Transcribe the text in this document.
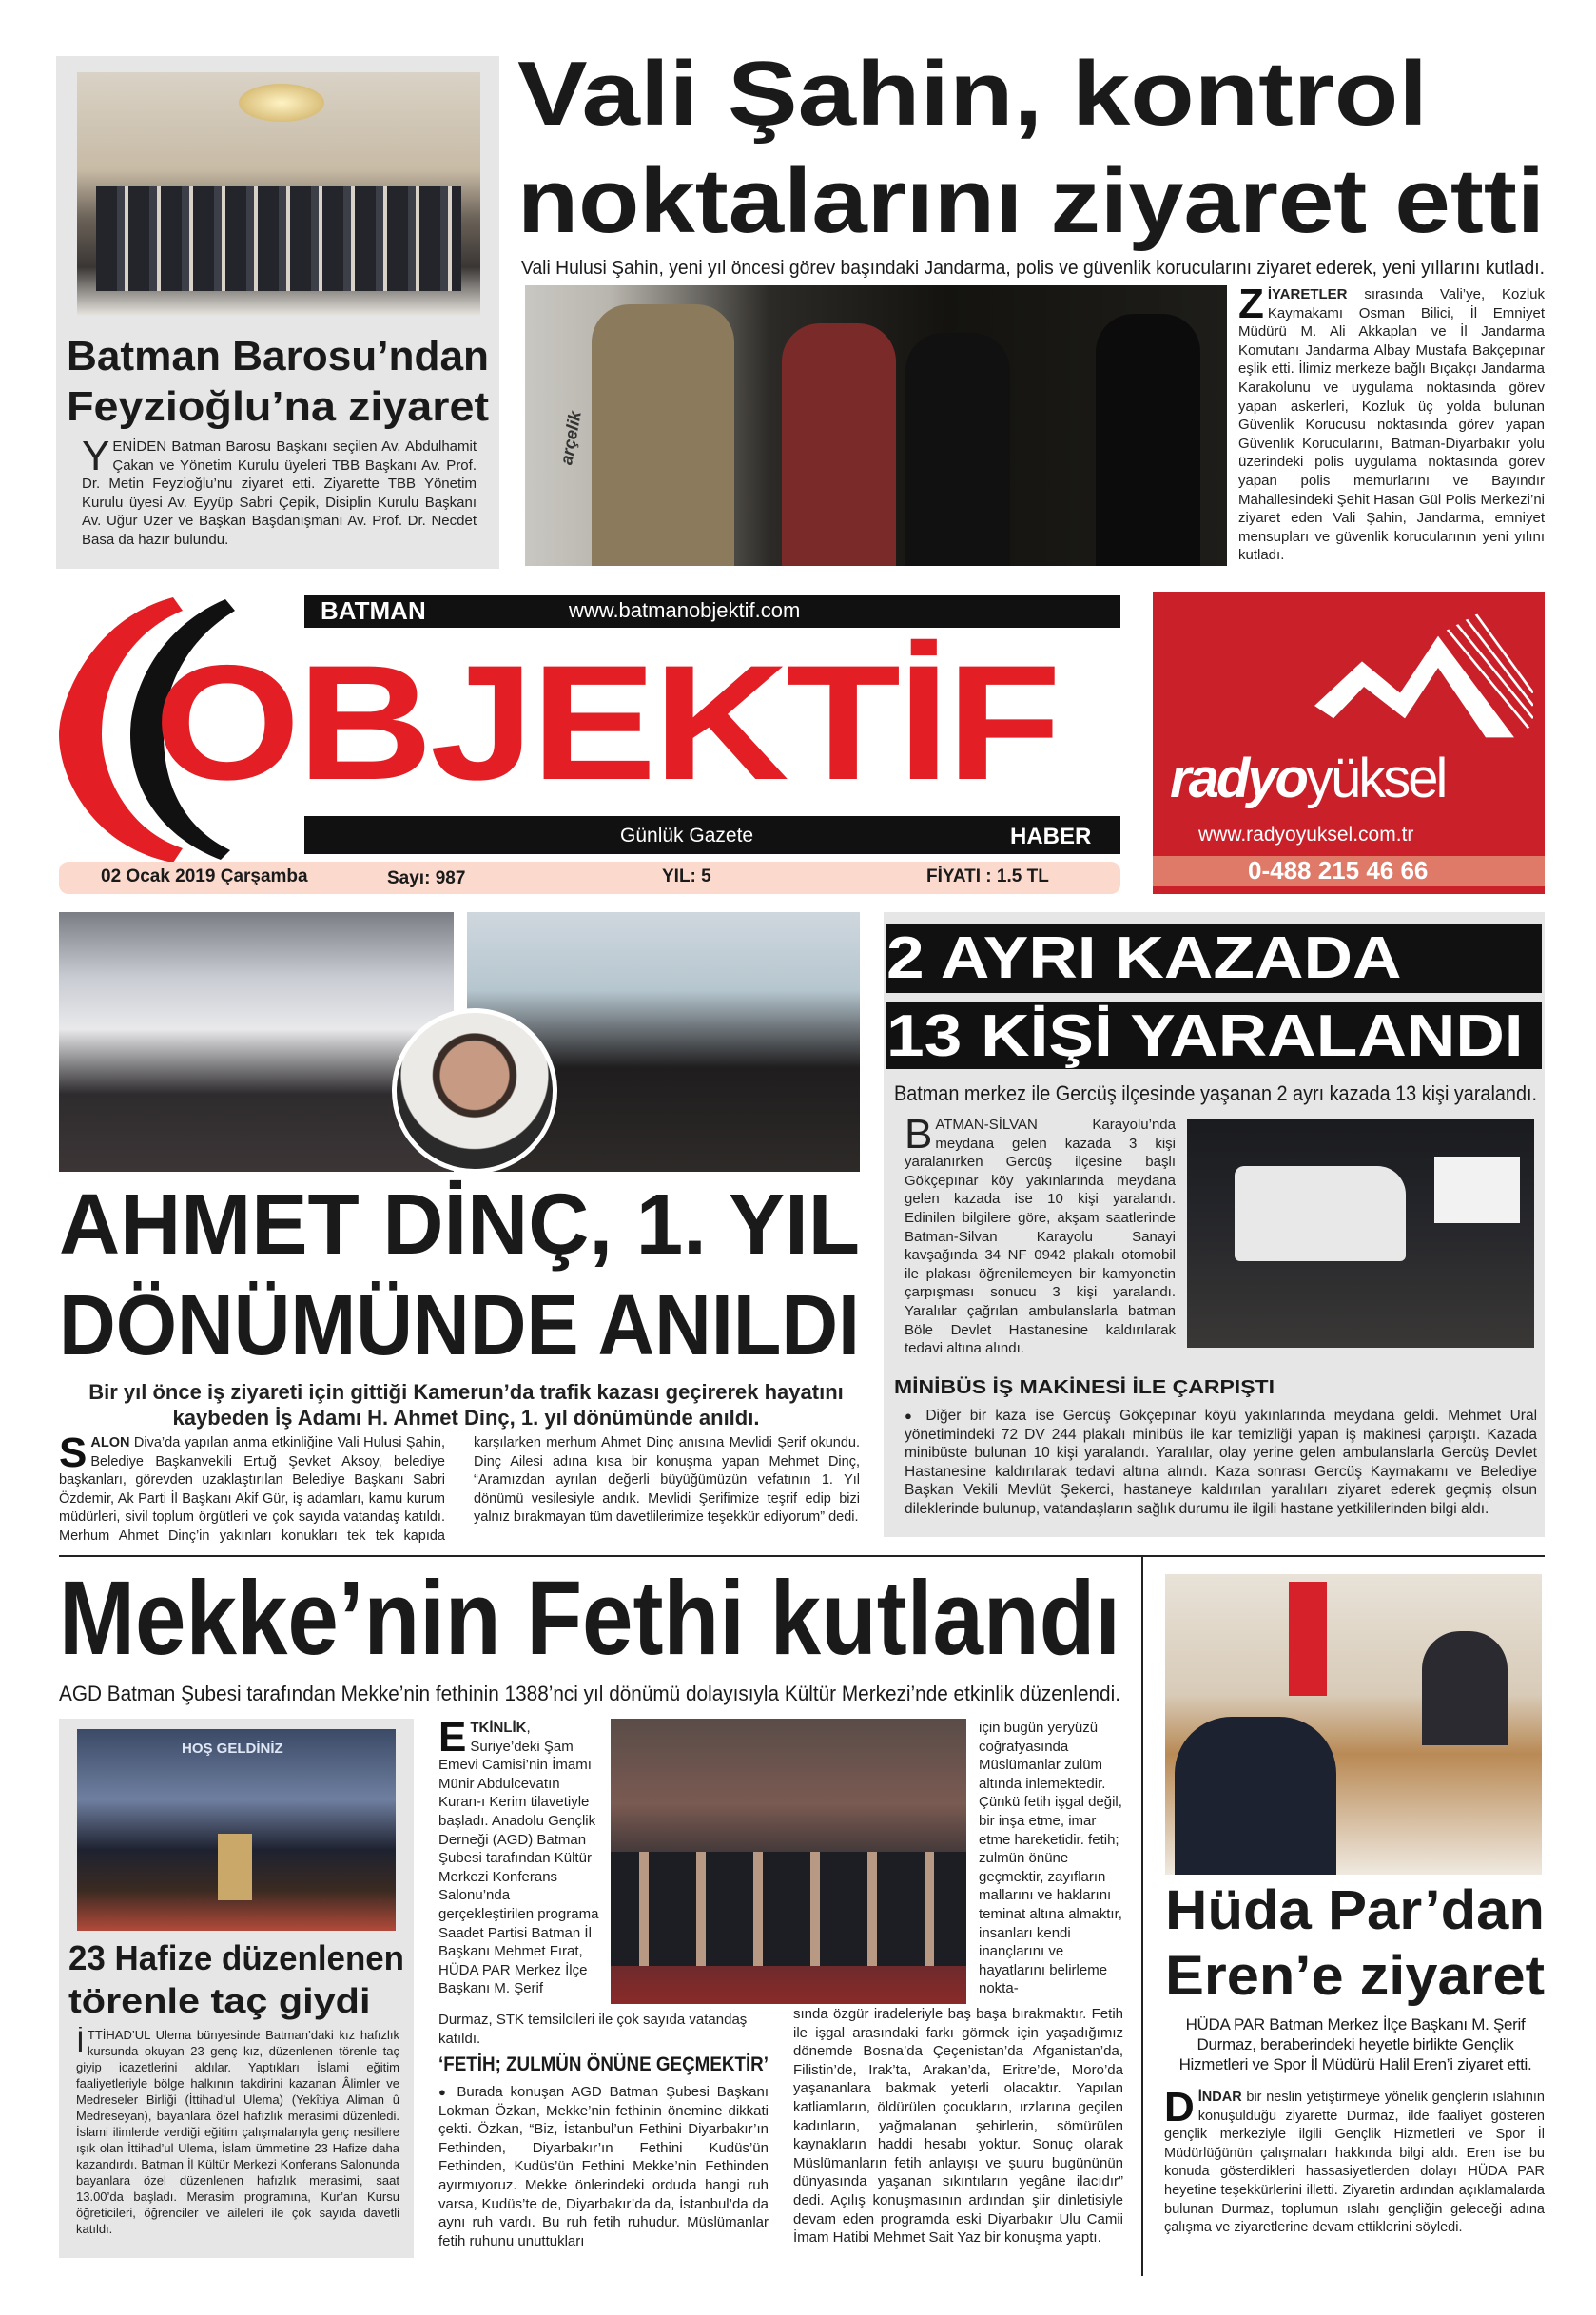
Batman Barosu’ndan
Feyzioğlu’na ziyaret
YENİDEN Batman Barosu Başkanı seçilen Av. Abdulhamit Çakan ve Yönetim Kurulu üyeleri TBB Başkanı Av. Prof. Dr. Metin Feyzioğlu’nu ziyaret etti. Ziyarette TBB Yönetim Kurulu üyesi Av. Eyyüp Sabri Çepik, Disiplin Kurulu Başkanı Av. Uğur Uzer ve Başkan Başdanışmanı Av. Prof. Dr. Necdet Basa da hazır bulundu.
Vali Şahin, kontrol
noktalarını ziyaret etti
Vali Hulusi Şahin, yeni yıl öncesi görev başındaki Jandarma, polis ve güvenlik korucularını ziyaret ederek, yeni yıllarını kutladı.
arçelik
ZİYARETLER sırasında Vali’ye, Kozluk Kaymakamı Osman Bilici, İl Emniyet Müdürü M. Ali Akkaplan ve İl Jandarma Komutanı Jandarma Albay Mustafa Bakçepınar eşlik etti. İlimiz merkeze bağlı Bıçakçı Jandarma Karakolunu ve uygulama noktasında görev yapan askerleri, Kozluk üç yolda bulunan Güvenlik Korucusu noktasında görev yapan Güvenlik Korucularını, Batman-Diyarbakır yolu üzerindeki polis uygulama noktasında görev yapan polis memurlarını ve Bayındır Mahallesindeki Şehit Hasan Gül Polis Merkezi’ni ziyaret eden Vali Şahin, Jandarma, emniyet mensupları ve güvenlik korucularının yeni yılını kutladı.
BATMAN	www.batmanobjektif.com
OBJEKTİF
Günlük Gazete	HABER
02 Ocak 2019 Çarşamba	Sayı: 987	YIL: 5	FİYATI : 1.5 TL
radyoyüksel
www.radyoyuksel.com.tr
0-488 215 46 66
AHMET DİNÇ, 1. YIL
DÖNÜMÜNDE ANILDI
Bir yıl önce iş ziyareti için gittiği Kamerun’da trafik kazası geçirerek hayatını kaybeden İş Adamı H. Ahmet Dinç, 1. yıl dönümünde anıldı.
SALON Diva’da yapılan anma etkinliğine Vali Hulusi Şahin, Belediye Başkanvekili Ertuğ Şevket Aksoy, belediye başkanları, görevden uzaklaştırılan Belediye Başkanı Sabri Özdemir, Ak Parti İl Başkanı Akif Gür, iş adamları, kamu kurum müdürleri, sivil toplum örgütleri ve çok sayıda vatandaş katıldı. Merhum Ahmet Dinç’in yakınları konukları tek tek kapıda karşılarken merhum Ahmet Dinç anısına Mevlidi Şerif okundu. Dinç Ailesi adına kısa bir konuşma yapan Mehmet Dinç, “Aramızdan ayrılan değerli büyüğümüzün vefatının 1. Yıl dönümü vesilesiyle andık. Mevlidi Şerifimize teşrif edip bizi yalnız bırakmayan tüm davetlilerimize teşekkür ediyorum” dedi.
2 AYRI KAZADA
13 KİŞİ YARALANDI
Batman merkez ile Gercüş ilçesinde yaşanan 2 ayrı kazada 13 kişi yaralandı.
BATMAN-SİLVAN Karayolu’nda meydana gelen kazada 3 kişi yaralanırken Gercüş ilçesine başlı Gökçepınar köy yakınlarında meydana gelen kazada ise 10 kişi yaralandı. Edinilen bilgilere göre, akşam saatlerinde Batman-Silvan Karayolu Sanayi kavşağında 34 NF 0942 plakalı otomobil ile plakası öğrenilemeyen bir kamyonetin çarpışması sonucu 3 kişi yaralandı. Yaralılar çağrılan ambulanslarla batman Böle Devlet Hastanesine kaldırılarak tedavi altına alındı.
MİNİBÜS İŞ MAKİNESİ İLE ÇARPIŞTI
● Diğer bir kaza ise Gercüş Gökçepınar köyü yakınlarında meydana geldi. Mehmet Ural yönetimindeki 72 DV 244 plakalı minibüs ile kar temizliği yapan iş makinesi çarpıştı. Kazada minibüste bulunan 10 kişi yaralandı. Yaralılar, olay yerine gelen ambulanslarla Gercüş Devlet Hastanesine kaldırılarak tedavi altına alındı. Kaza sonrası Gercüş Kaymakamı ve Belediye Başkan Vekili Mevlüt Şekerci, hastaneye kaldırılan yaralıları ziyaret ederek geçmiş olsun dileklerinde bulunup, vatandaşların sağlık durumu ile ilgili hastane yetkililerinden bilgi aldı.
Mekke’nin Fethi kutlandı
AGD Batman Şubesi tarafından Mekke’nin fethinin 1388’nci yıl dönümü dolayısıyla Kültür Merkezi’nde etkinlik düzenlendi.
HOŞ GELDİNİZ
23 Hafize düzenlenen
törenle taç giydi
İTTİHAD’UL Ulema bünyesinde Batman’daki kız hafızlık kursunda okuyan 23 genç kız, düzenlenen törenle taç giyip icazetlerini aldılar. Yaptıkları İslami eğitim faaliyetleriyle bölge halkının takdirini kazanan Âlimler ve Medreseler Birliği (İttihad’ul Ulema) (Yekîtiya Aliman û Medreseyan), bayanlara özel hafızlık merasimi düzenledi. İslami ilimlerde verdiği eğitim çalışmalarıyla genç nesillere ışık olan İttihad’ul Ulema, İslam ümmetine 23 Hafize daha kazandırdı. Batman İl Kültür Merkezi Konferans Salonunda bayanlara özel düzenlenen hafızlık merasimi, saat 13.00’da başladı. Merasim programına, Kur’an Kursu öğreticileri, öğrenciler ve aileleri ile çok sayıda davetli katıldı.
ETKİNLİK, Suriye’deki Şam Emevi Camisi’nin İmamı Münir Abdulcevatın Kuran-ı Kerim tilavetiyle başladı. Anadolu Gençlik Derneği (AGD) Batman Şubesi tarafından Kültür Merkezi Konferans Salonu’nda gerçekleştirilen programa Saadet Partisi Batman İl Başkanı Mehmet Fırat, HÜDA PAR Merkez İlçe Başkanı M. Şerif
Durmaz, STK temsilcileri ile çok sayıda vatandaş katıldı.
için bugün yeryüzü coğrafyasında Müslümanlar zulüm altında inlemektedir. Çünkü fetih işgal değil, bir inşa etme, imar etme hareketidir. fetih; zulmün önüne geçmektir, zayıfların mallarını ve haklarını teminat altına almaktır, insanları kendi inançlarını ve hayatlarını belirleme nokta-
‘FETİH; ZULMÜN ÖNÜNE GEÇMEKTİR’
● Burada konuşan AGD Batman Şubesi Başkanı Lokman Özkan, Mekke’nin fethinin önemine dikkati çekti. Özkan, “Biz, İstanbul’un Fethini Diyarbakır’ın Fethinden, Diyarbakır’ın Fethini Kudüs’ün Fethinden, Kudüs’ün Fethini Mekke’nin Fethinden ayırmıyoruz. Mekke önlerindeki orduda hangi ruh varsa, Kudüs’te de, Diyarbakır’da da, İstanbul’da da aynı ruh vardı. Bu ruh fetih ruhudur. Müslümanlar fetih ruhunu unuttukları
sında özgür iradeleriyle baş başa bırakmaktır. Fetih ile işgal arasındaki farkı görmek için yaşadığımız dönemde Bosna’da Çeçenistan’da Afganistan’da, Filistin’de, Irak’ta, Arakan’da, Eritre’de, Moro’da yaşananlara bakmak yeterli olacaktır. Yapılan katliamların, öldürülen çocukların, ırzlarına geçilen kadınların, yağmalanan şehirlerin, sömürülen kaynakların haddi hesabı yoktur. Sonuç olarak Müslümanların fetih anlayışı ve şuuru bugününün dünyasında yaşanan sıkıntıların yegâne ilacıdır” dedi. Açılış konuşmasının ardından şiir dinletisiyle devam eden programda eski Diyarbakır Ulu Camii İmam Hatibi Mehmet Sait Yaz bir konuşma yaptı.
Hüda Par’dan
Eren’e ziyaret
HÜDA PAR Batman Merkez İlçe Başkanı M. Şerif Durmaz, beraberindeki heyetle birlikte Gençlik Hizmetleri ve Spor İl Müdürü Halil Eren’i ziyaret etti.
DİNDAR bir neslin yetiştirmeye yönelik gençlerin ıslahının konuşulduğu ziyarette Durmaz, ilde faaliyet gösteren gençlik merkeziyle ilgili Gençlik Hizmetleri ve Spor İl Müdürlüğünün çalışmaları hakkında bilgi aldı. Eren ise bu konuda gösterdikleri hassasiyetlerden dolayı HÜDA PAR heyetine teşekkürlerini illetti. Ziyaretin ardından açıklamalarda bulunan Durmaz, toplumun ıslahı gençliğin geleceği adına çalışma ve ziyaretlerine devam ettiklerini söyledi.
